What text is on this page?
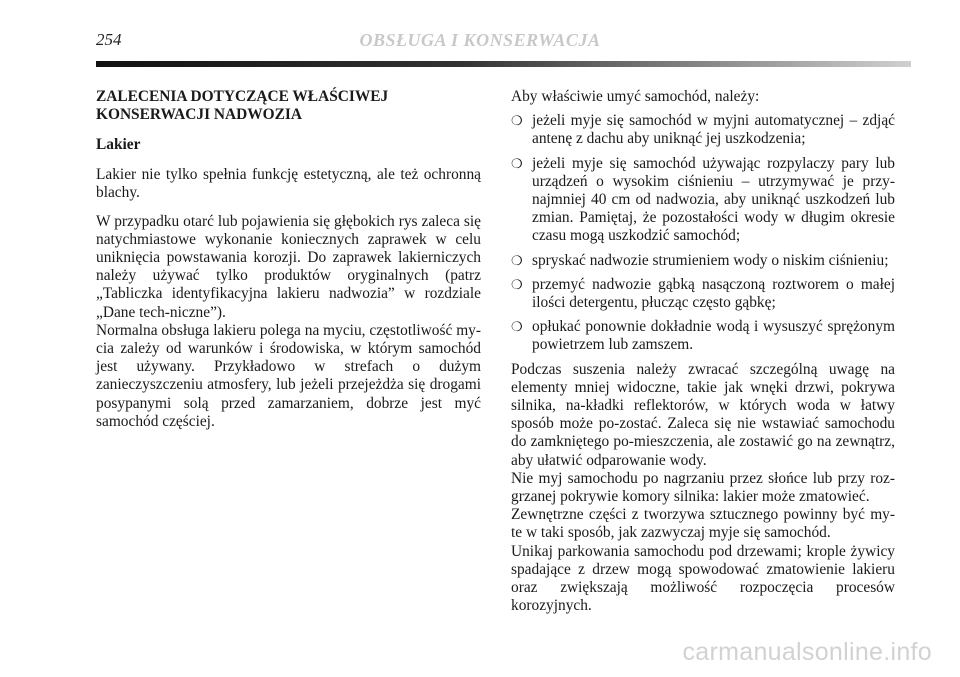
254	OBSŁUGA I KONSERWACJA
ZALECENIA DOTYCZĄCE WŁAŚCIWEJ KONSERWACJI NADWOZIA
Lakier

Lakier nie tylko spełnia funkcję estetyczną, ale też ochronną blachy.

W przypadku otarć lub pojawienia się głębokich rys zaleca się natychmiastowe wykonanie koniecznych zaprawek w celu uniknięcia powstawania korozji. Do zaprawek lakierniczych należy używać tylko produktów oryginalnych (patrz „Tabliczka identyfikacyjna lakieru nadwozia” w rozdziale „Dane tech-niczne”).

Normalna obsługa lakieru polega na myciu, częstotliwość my-cia zależy od warunków i środowiska, w którym samochód jest używany. Przykładowo w strefach o dużym zanieczyszczeniu atmosfery, lub jeżeli przejeżdża się drogami posypanymi solą przed zamarzaniem, dobrze jest myć samochód częściej.

Aby właściwie umyć samochód, należy:

❍ jeżeli myje się samochód w myjni automatycznej – zdjąć antenę z dachu aby uniknąć jej uszkodzenia;
❍ jeżeli myje się samochód używając rozpylaczy pary lub urządzeń o wysokim ciśnieniu – utrzymywać je przy-najmniej 40 cm od nadwozia, aby uniknąć uszkodzeń lub zmian. Pamiętaj, że pozostałości wody w długim okresie czasu mogą uszkodzić samochód;
❍ spryskać nadwozie strumieniem wody o niskim ciśnieniu;
❍ przemyć nadwozie gąbką nasączoną roztworem o małej ilości detergentu, płucząc często gąbkę;
❍ opłukać ponownie dokładnie wodą i wysuszyć sprężonym powietrzem lub zamszem.

Podczas suszenia należy zwracać szczególną uwagę na elementy mniej widoczne, takie jak wnęki drzwi, pokrywa silnika, na-kładki reflektorów, w których woda w łatwy sposób może po-zostać. Zaleca się nie wstawiać samochodu do zamkniętego po-mieszczenia, ale zostawić go na zewnątrz, aby ułatwić odparowanie wody.

Nie myj samochodu po nagrzaniu przez słońce lub przy roz-grzanej pokrywie komory silnika: lakier może zmatowieć.

Zewnętrzne części z tworzywa sztucznego powinny być my-te w taki sposób, jak zazwyczaj myje się samochód.

Unikaj parkowania samochodu pod drzewami; krople żywicy spadające z drzew mogą spowodować zmatowienie lakieru oraz zwiększają możliwość rozpoczęcia procesów korozyjnych.

carmanualsonline.info
